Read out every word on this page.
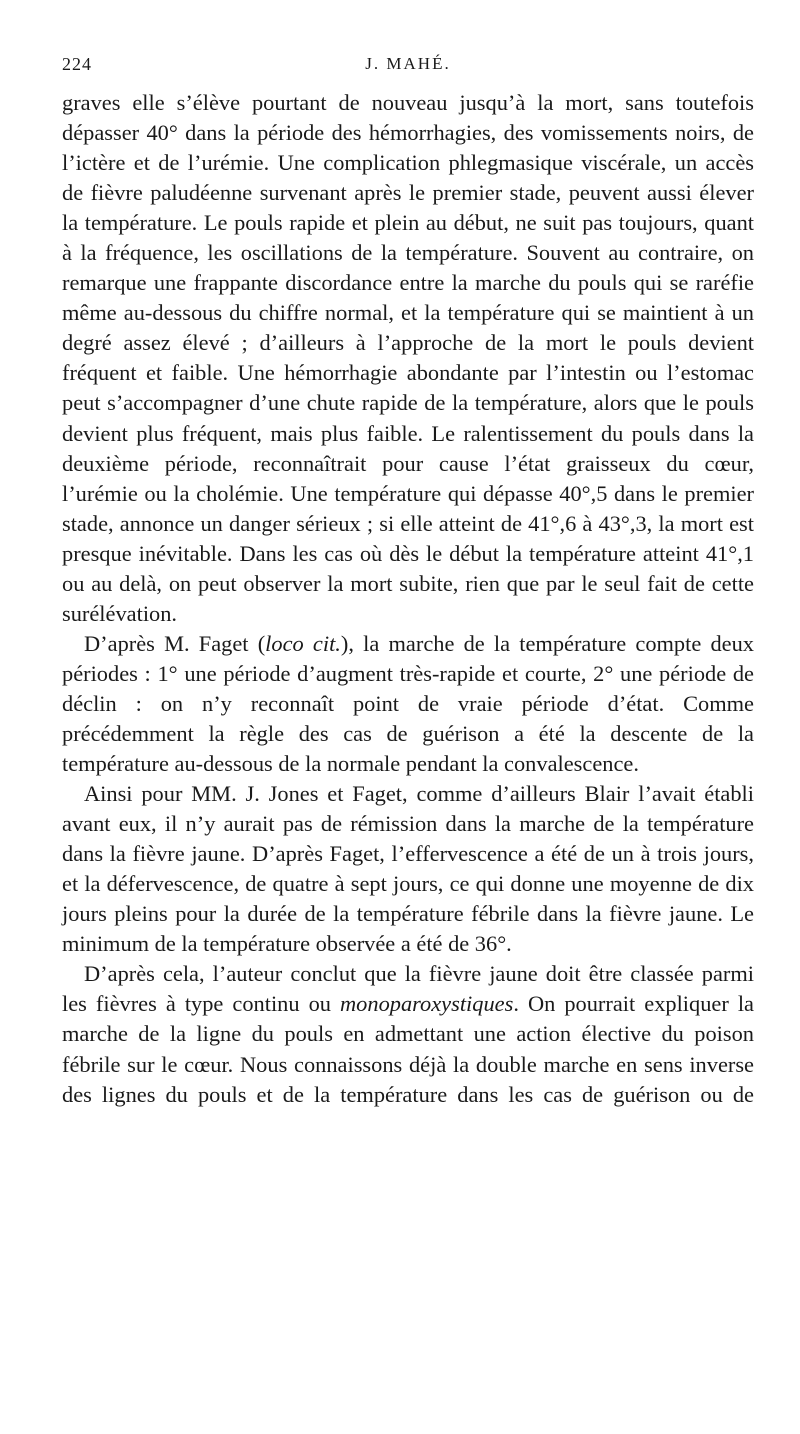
224	J. MAHÉ.

graves elle s’élève pourtant de nouveau jusqu’à la mort, sans toutefois dépasser 40° dans la période des hémorrhagies, des vomissements noirs, de l’ictère et de l’urémie. Une complication phlegmasique viscérale, un accès de fièvre paludéenne survenant après le premier stade, peuvent aussi élever la température. Le pouls rapide et plein au début, ne suit pas toujours, quant à la fréquence, les oscillations de la température. Souvent au contraire, on remarque une frappante discordance entre la marche du pouls qui se raréfie même au-dessous du chiffre normal, et la température qui se maintient à un degré assez élevé ; d’ailleurs à l’approche de la mort le pouls devient fréquent et faible. Une hémorrhagie abondante par l’intestin ou l’estomac peut s’accompagner d’une chute rapide de la température, alors que le pouls devient plus fréquent, mais plus faible. Le ralentissement du pouls dans la deuxième période, reconnaîtrait pour cause l’état graisseux du cœur, l’urémie ou la cholémie. Une température qui dépasse 40°,5 dans le premier stade, annonce un danger sérieux ; si elle atteint de 41°,6 à 43°,3, la mort est presque inévitable. Dans les cas où dès le début la température atteint 41°,1 ou au delà, on peut observer la mort subite, rien que par le seul fait de cette surélévation.

D’après M. Faget (loco cit.), la marche de la température compte deux périodes : 1° une période d’augment très-rapide et courte, 2° une période de déclin : on n’y reconnaît point de vraie période d’état. Comme précédemment la règle des cas de guérison a été la descente de la température au-dessous de la normale pendant la convalescence.

Ainsi pour MM. J. Jones et Faget, comme d’ailleurs Blair l’avait établi avant eux, il n’y aurait pas de rémission dans la marche de la température dans la fièvre jaune. D’après Faget, l’effervescence a été de un à trois jours, et la défervescence, de quatre à sept jours, ce qui donne une moyenne de dix jours pleins pour la durée de la température fébrile dans la fièvre jaune. Le minimum de la température observée a été de 36°.

D’après cela, l’auteur conclut que la fièvre jaune doit être classée parmi les fièvres à type continu ou monoparoxystiques. On pourrait expliquer la marche de la ligne du pouls en admettant une action élective du poison fébrile sur le cœur. Nous connaissons déjà la double marche en sens inverse des lignes du pouls et de la température dans les cas de guérison ou de
